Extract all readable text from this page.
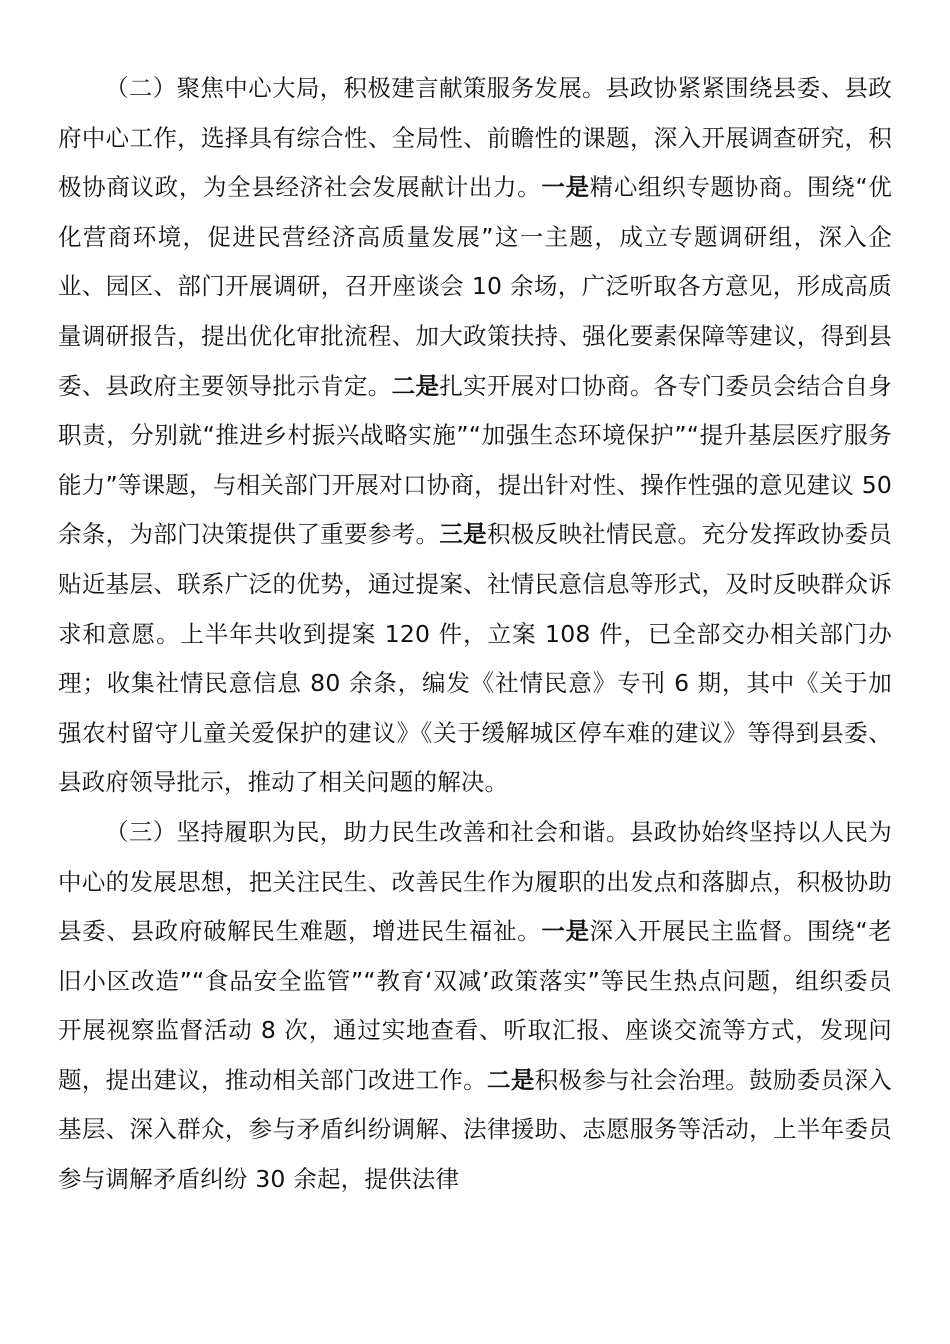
（二）聚焦中心大局，积极建言献策服务发展。县政协紧紧围绕县委、县政府中心工作，选择具有综合性、全局性、前瞻性的课题，深入开展调查研究，积极协商议政，为全县经济社会发展献计出力。一是精心组织专题协商。围绕“优化营商环境，促进民营经济高质量发展”这一主题，成立专题调研组，深入企业、园区、部门开展调研，召开座谈会 10 余场，广泛听取各方意见，形成高质量调研报告，提出优化审批流程、加大政策扶持、强化要素保障等建议，得到县委、县政府主要领导批示肯定。二是扎实开展对口协商。各专门委员会结合自身职责，分别就“推进乡村振兴战略实施”“加强生态环境保护”“提升基层医疗服务能力”等课题，与相关部门开展对口协商，提出针对性、操作性强的意见建议 50 余条，为部门决策提供了重要参考。三是积极反映社情民意。充分发挥政协委员贴近基层、联系广泛的优势，通过提案、社情民意信息等形式，及时反映群众诉求和意愿。上半年共收到提案 120 件，立案 108 件，已全部交办相关部门办理；收集社情民意信息 80 余条，编发《社情民意》专刊 6 期，其中《关于加强农村留守儿童关爱保护的建议》《关于缓解城区停车难的建议》等得到县委、县政府领导批示，推动了相关问题的解决。

（三）坚持履职为民，助力民生改善和社会和谐。县政协始终坚持以人民为中心的发展思想，把关注民生、改善民生作为履职的出发点和落脚点，积极协助县委、县政府破解民生难题，增进民生福祉。一是深入开展民主监督。围绕“老旧小区改造”“食品安全监管”“教育‘双减’政策落实”等民生热点问题，组织委员开展视察监督活动 8 次，通过实地查看、听取汇报、座谈交流等方式，发现问题，提出建议，推动相关部门改进工作。二是积极参与社会治理。鼓励委员深入基层、深入群众，参与矛盾纠纷调解、法律援助、志愿服务等活动，上半年委员参与调解矛盾纠纷 30 余起，提供法律
